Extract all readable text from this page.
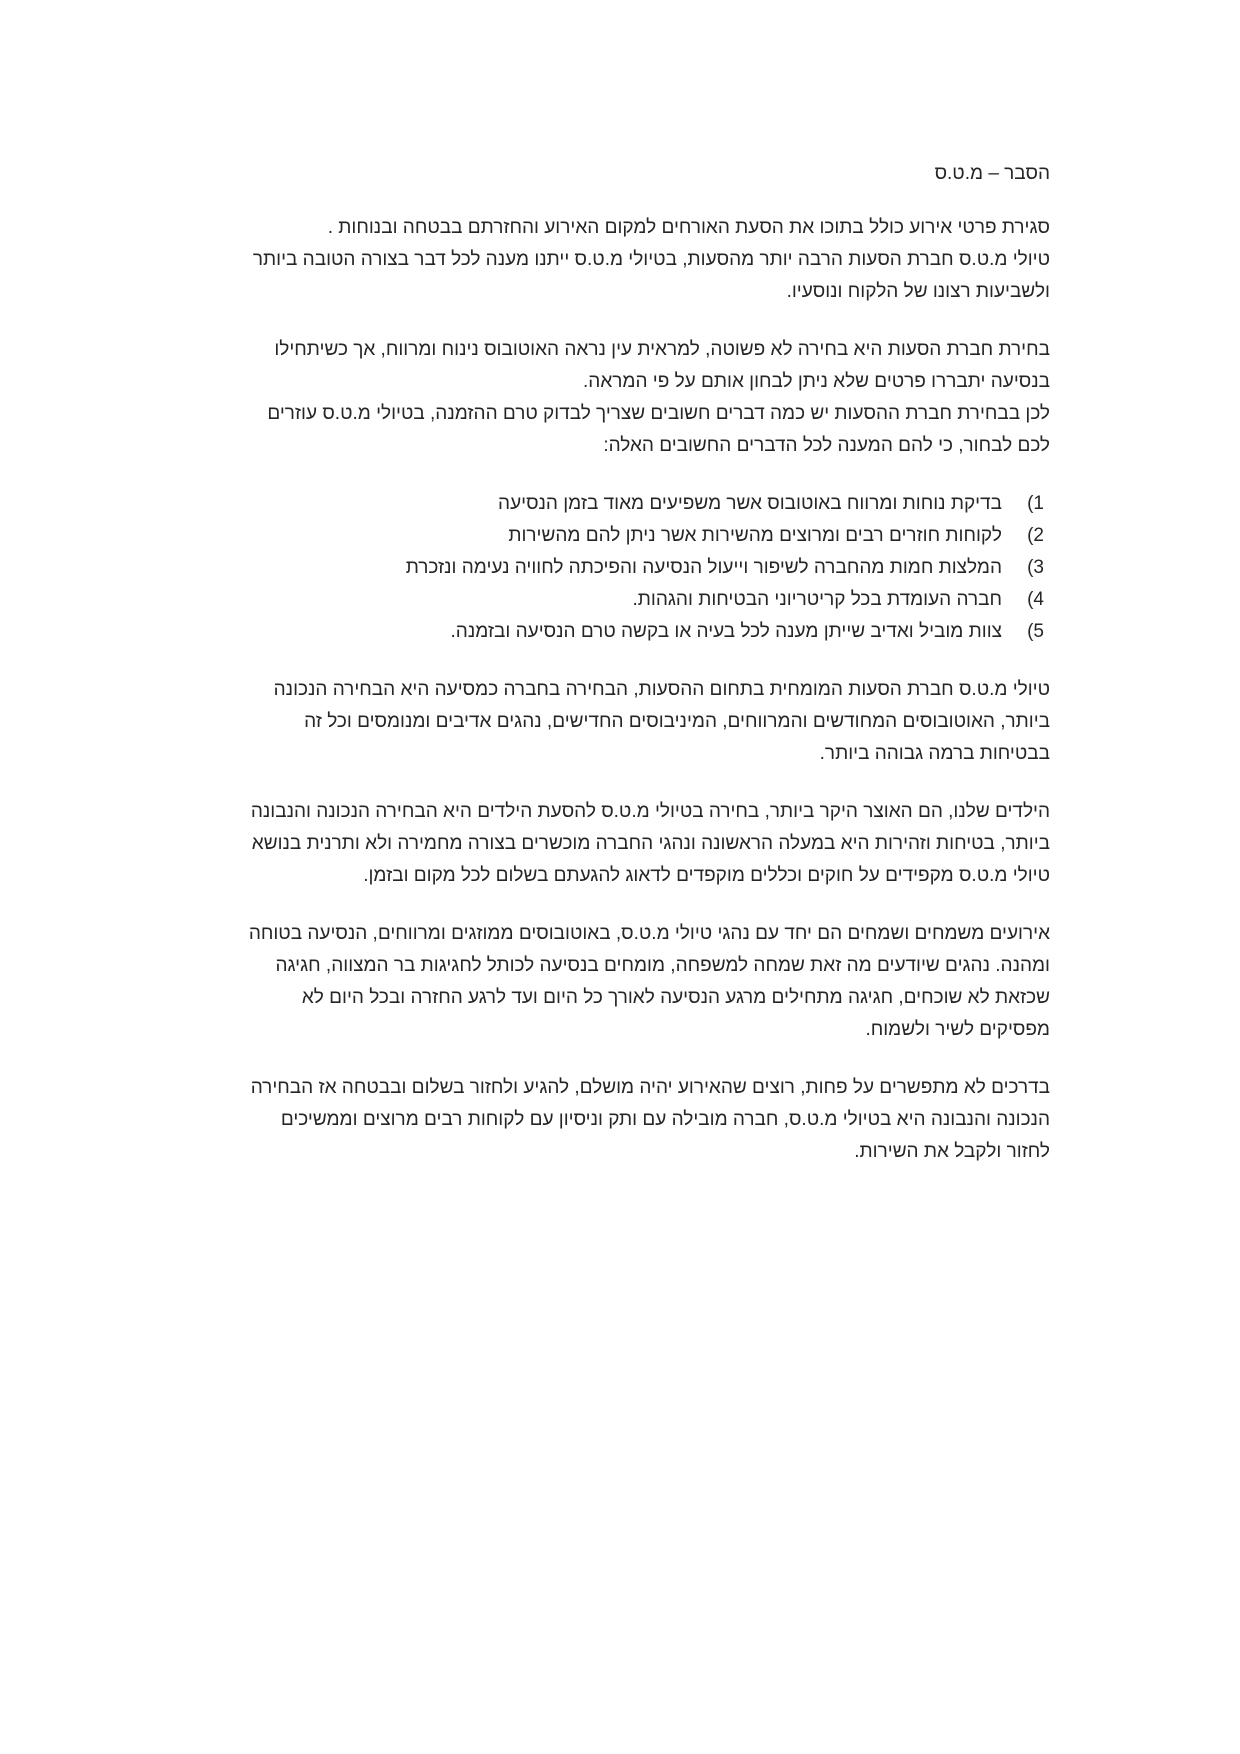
הסבר – מ.ט.ס
סגירת פרטי אירוע כולל בתוכו את הסעת האורחים למקום האירוע והחזרתם בבטחה ובנוחות .
טיולי מ.ט.ס חברת הסעות הרבה יותר מהסעות, בטיולי מ.ט.ס ייתנו מענה לכל דבר בצורה הטובה ביותר
ולשביעות רצונו של הלקוח ונוסעיו.
בחירת חברת הסעות היא בחירה לא פשוטה, למראית עין נראה האוטובוס נינוח ומרווח, אך כשיתחילו
בנסיעה יתבררו פרטים שלא ניתן לבחון אותם על פי המראה.
לכן בבחירת חברת ההסעות יש כמה דברים חשובים שצריך לבדוק טרם ההזמנה, בטיולי מ.ט.ס עוזרים
לכם לבחור, כי להם המענה לכל הדברים החשובים האלה:
1)
בדיקת נוחות ומרווח באוטובוס אשר משפיעים מאוד בזמן הנסיעה
2)
לקוחות חוזרים רבים ומרוצים מהשירות אשר ניתן להם מהשירות
3)
המלצות חמות מהחברה לשיפור וייעול הנסיעה והפיכתה לחוויה נעימה ונזכרת
4)
חברה העומדת בכל קריטריוני הבטיחות והגהות.
5)
צוות מוביל ואדיב שייתן מענה לכל בעיה או בקשה טרם הנסיעה ובזמנה.
טיולי מ.ט.ס חברת הסעות המומחית בתחום ההסעות, הבחירה בחברה כמסיעה היא הבחירה הנכונה
ביותר, האוטובוסים המחודשים והמרווחים, המיניבוסים החדישים, נהגים אדיבים ומנומסים וכל זה
בבטיחות ברמה גבוהה ביותר.
הילדים שלנו, הם האוצר היקר ביותר, בחירה בטיולי מ.ט.ס להסעת הילדים היא הבחירה הנכונה והנבונה
ביותר, בטיחות וזהירות היא במעלה הראשונה ונהגי החברה מוכשרים בצורה מחמירה ולא ותרנית בנושא
טיולי מ.ט.ס מקפידים על חוקים וכללים מוקפדים לדאוג להגעתם בשלום לכל מקום ובזמן.
אירועים משמחים ושמחים הם יחד עם נהגי טיולי מ.ט.ס, באוטובוסים ממוזגים ומרווחים, הנסיעה בטוחה
ומהנה. נהגים שיודעים מה זאת שמחה למשפחה, מומחים בנסיעה לכותל לחגיגות בר המצווה, חגיגה
שכזאת לא שוכחים, חגיגה מתחילים מרגע הנסיעה לאורך כל היום ועד לרגע החזרה ובכל היום לא
מפסיקים לשיר ולשמוח.
בדרכים לא מתפשרים על פחות, רוצים שהאירוע יהיה מושלם, להגיע ולחזור בשלום ובבטחה אז הבחירה
הנכונה והנבונה היא בטיולי מ.ט.ס, חברה מובילה עם ותק וניסיון עם לקוחות רבים מרוצים וממשיכים
לחזור ולקבל את השירות.
